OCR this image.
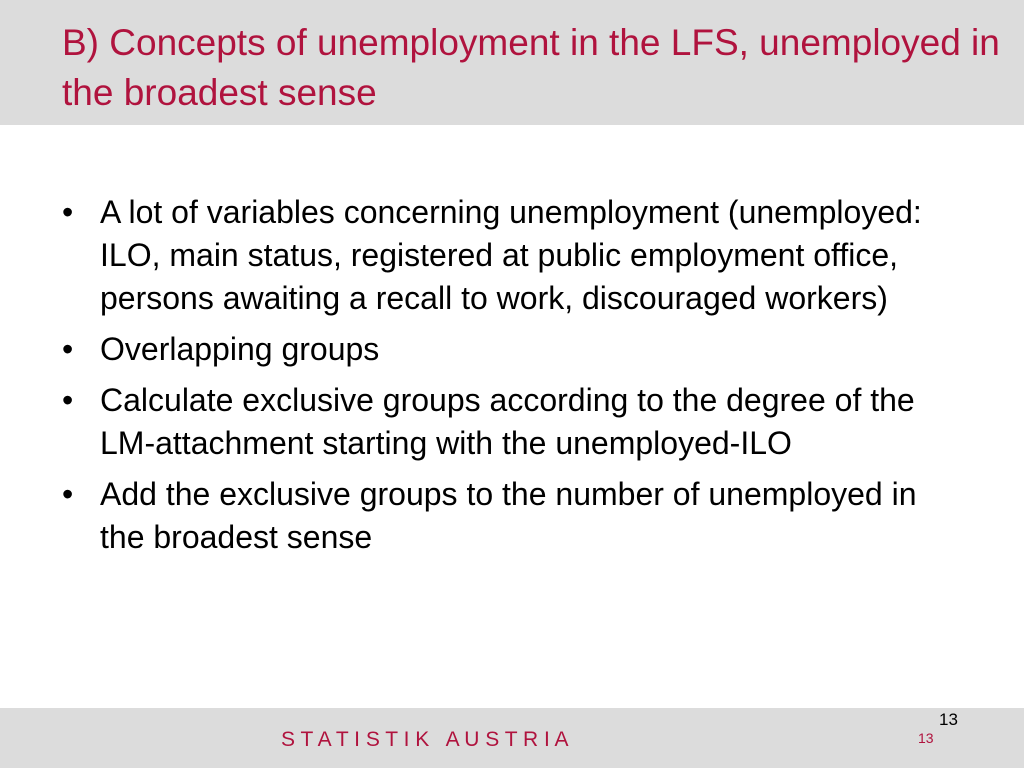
B) Concepts of unemployment in the LFS, unemployed in the broadest sense
• A lot of variables concerning unemployment (unemployed: ILO, main status, registered at public employment office, persons awaiting a recall to work, discouraged workers)
• Overlapping groups
• Calculate exclusive groups according to the degree of the LM-attachment starting with the unemployed-ILO
• Add the exclusive groups to the number of unemployed in the broadest sense
S T A T I S T I K   A U S T R I A
13
13
